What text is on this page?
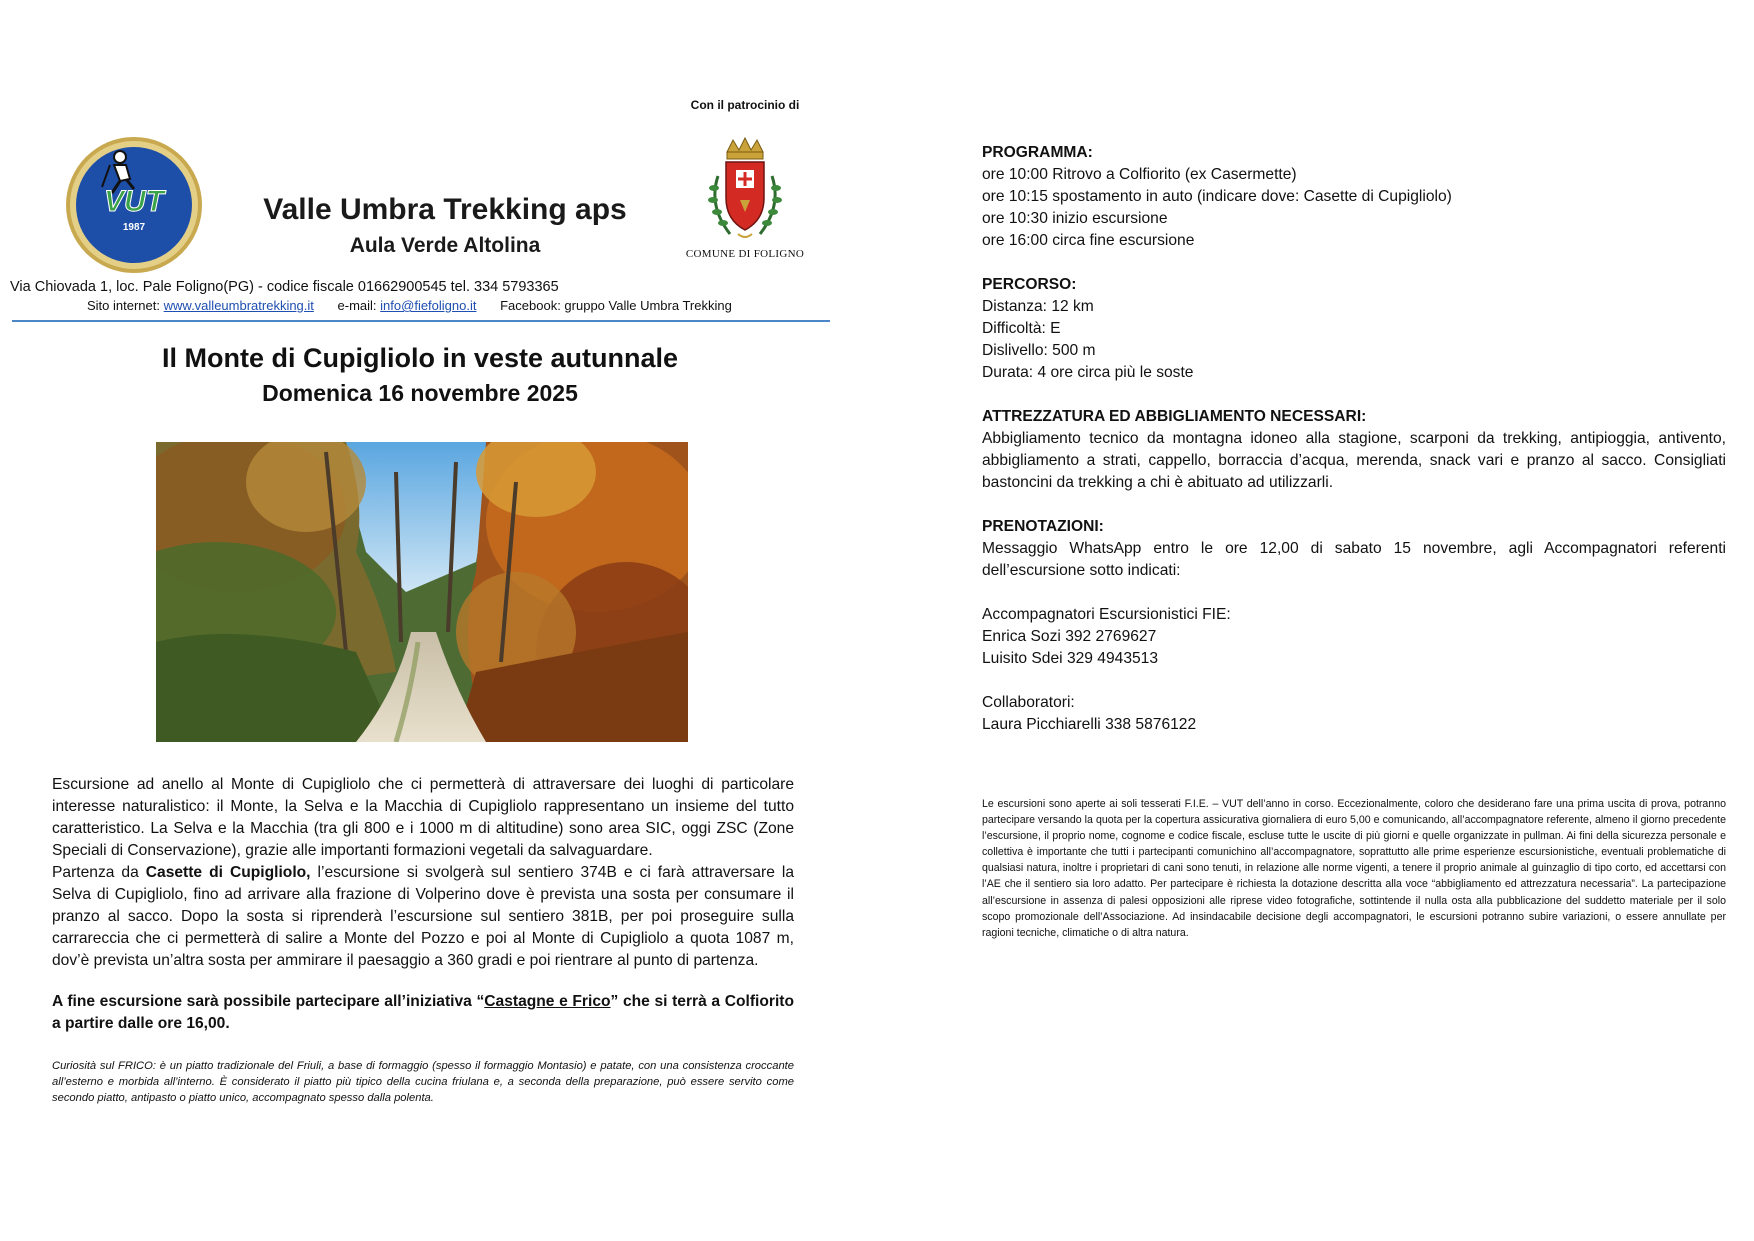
VUT
1987
VALLE UMBRA TREKKING	Valle Umbra Trekking aps
Aula Verde Altolina
Con il patrocinio di
COMUNE DI FOLIGNO
Via Chiovada 1, loc. Pale Foligno(PG) - codice fiscale 01662900545 tel. 334 5793365
Sito internet: www.valleumbratrekking.it e-mail: info@fiefoligno.it Facebook: gruppo Valle Umbra Trekking
Il Monte di Cupigliolo in veste autunnale
Domenica 16 novembre 2025

Escursione ad anello al Monte di Cupigliolo che ci permetterà di attraversare dei luoghi di particolare interesse naturalistico: il Monte, la Selva e la Macchia di Cupigliolo rappresentano un insieme del tutto caratteristico. La Selva e la Macchia (tra gli 800 e i 1000 m di altitudine) sono area SIC, oggi ZSC (Zone Speciali di Conservazione), grazie alle importanti formazioni vegetali da salvaguardare.

Partenza da Casette di Cupigliolo, l’escursione si svolgerà sul sentiero 374B e ci farà attraversare la Selva di Cupigliolo, fino ad arrivare alla frazione di Volperino dove è prevista una sosta per consumare il pranzo al sacco. Dopo la sosta si riprenderà l’escursione sul sentiero 381B, per poi proseguire sulla carrareccia che ci permetterà di salire a Monte del Pozzo e poi al Monte di Cupigliolo a quota 1087 m, dov’è prevista un’altra sosta per ammirare il paesaggio a 360 gradi e poi rientrare al punto di partenza.

A fine escursione sarà possibile partecipare all’iniziativa “Castagne e Frico” che si terrà a Colfiorito a partire dalle ore 16,00.
Curiosità sul FRICO: è un piatto tradizionale del Friuli, a base di formaggio (spesso il formaggio Montasio) e patate, con una consistenza croccante all’esterno e morbida all’interno. È considerato il piatto più tipico della cucina friulana e, a seconda della preparazione, può essere servito come secondo piatto, antipasto o piatto unico, accompagnato spesso dalla polenta.
PROGRAMMA:
ore 10:00 Ritrovo a Colfiorito (ex Casermette)
ore 10:15 spostamento in auto (indicare dove: Casette di Cupigliolo)
ore 10:30 inizio escursione
ore 16:00 circa fine escursione
PERCORSO:
Distanza: 12 km
Difficoltà: E
Dislivello: 500 m
Durata: 4 ore circa più le soste
ATTREZZATURA ED ABBIGLIAMENTO NECESSARI:
Abbigliamento tecnico da montagna idoneo alla stagione, scarponi da trekking, antipioggia, antivento, abbigliamento a strati, cappello, borraccia d’acqua, merenda, snack vari e pranzo al sacco. Consigliati bastoncini da trekking a chi è abituato ad utilizzarli.
PRENOTAZIONI:
Messaggio WhatsApp entro le ore 12,00 di sabato 15 novembre, agli Accompagnatori referenti dell’escursione sotto indicati:
Accompagnatori Escursionistici FIE:
Enrica Sozi 392 2769627
Luisito Sdei 329 4943513
Collaboratori:
Laura Picchiarelli 338 5876122
Le escursioni sono aperte ai soli tesserati F.I.E. – VUT dell’anno in corso. Eccezionalmente, coloro che desiderano fare una prima uscita di prova, potranno partecipare versando la quota per la copertura assicurativa giornaliera di euro 5,00 e comunicando, all’accompagnatore referente, almeno il giorno precedente l’escursione, il proprio nome, cognome e codice fiscale, escluse tutte le uscite di più giorni e quelle organizzate in pullman. Ai fini della sicurezza personale e collettiva è importante che tutti i partecipanti comunichino all’accompagnatore, soprattutto alle prime esperienze escursionistiche, eventuali problematiche di qualsiasi natura, inoltre i proprietari di cani sono tenuti, in relazione alle norme vigenti, a tenere il proprio animale al guinzaglio di tipo corto, ed accettarsi con l’AE che il sentiero sia loro adatto. Per partecipare è richiesta la dotazione descritta alla voce “abbigliamento ed attrezzatura necessaria”. La partecipazione all’escursione in assenza di palesi opposizioni alle riprese video fotografiche, sottintende il nulla osta alla pubblicazione del suddetto materiale per il solo scopo promozionale dell’Associazione. Ad insindacabile decisione degli accompagnatori, le escursioni potranno subire variazioni, o essere annullate per ragioni tecniche, climatiche o di altra natura.
